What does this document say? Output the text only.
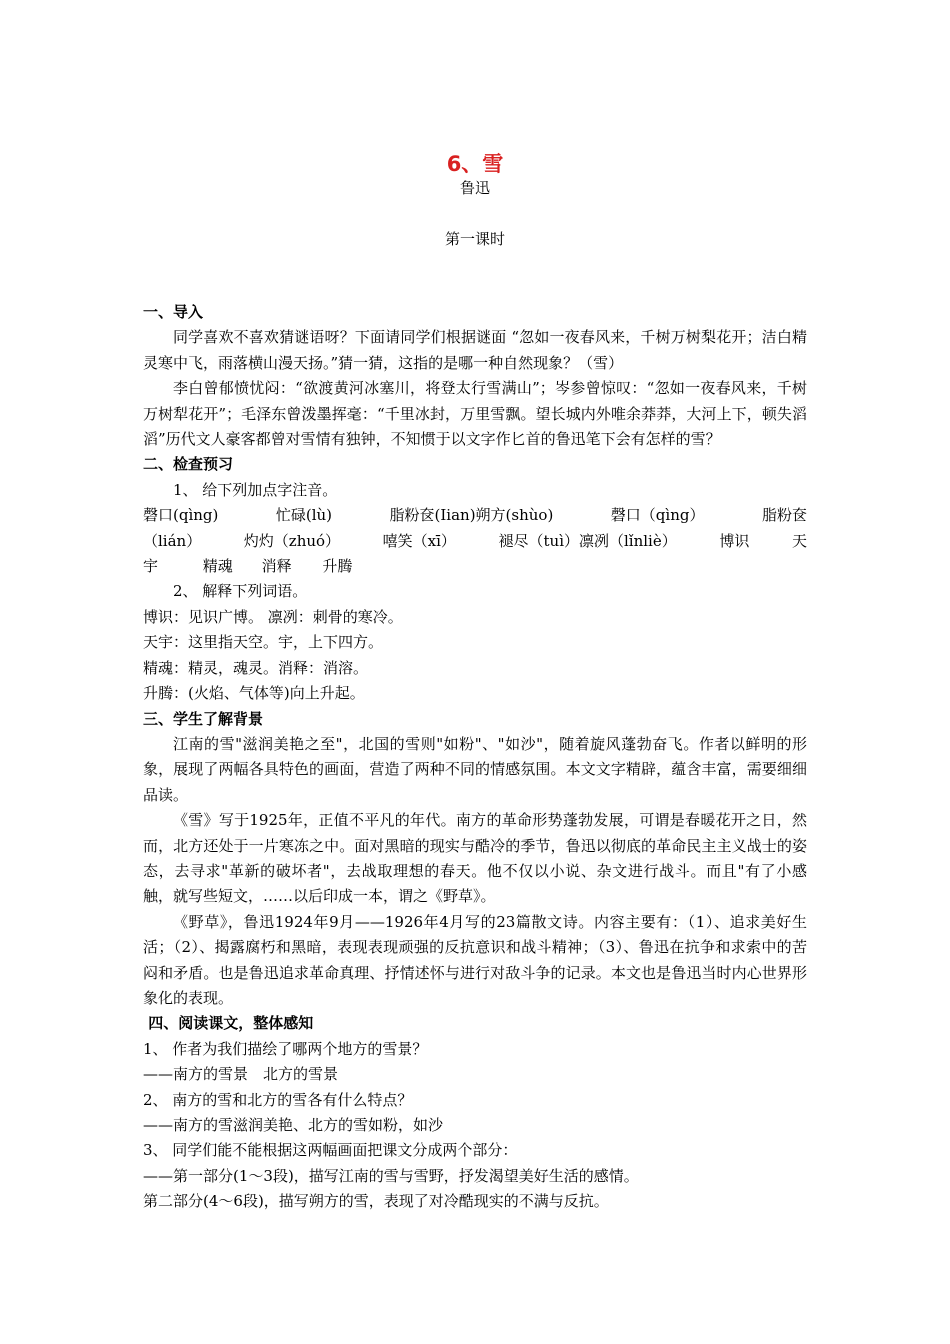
6、雪
鲁迅
第一课时

一、导入

同学喜欢不喜欢猜谜语呀？下面请同学们根据谜面 “忽如一夜春风来，千树万树梨花开；洁白精灵寒中飞，雨落横山漫天扬。”猜一猜，这指的是哪一种自然现象？（雪）

李白曾郁愤忧闷：“欲渡黄河冰塞川，将登太行雪满山”；岑参曾惊叹：“忽如一夜春风来，千树万树犁花开”；毛泽东曾泼墨挥毫：“千里冰封，万里雪飘。望长城内外唯余莽莽，大河上下，顿失滔滔”历代文人豪客都曾对雪情有独钟，不知惯于以文字作匕首的鲁迅笔下会有怎样的雪？

二、检查预习

1、 给下列加点字注音。

磬口(qìng)	忙碌(lù)	脂粉奁(Iian)朔方(shùo)	磬口（qìng）	脂粉奁

（lián）	灼灼（zhuó）	嘻笑（xī）	褪尽（tuì）凛冽（lǐnliè）	博识	天

宇	精魂 消释 升腾

2、 解释下列词语。

博识：见识广博。 凛冽：刺骨的寒冷。

天宇：这里指天空。宇，上下四方。

精魂：精灵，魂灵。消释：消溶。

升腾：(火焰、气体等)向上升起。

三、学生了解背景

江南的雪"滋润美艳之至"，北国的雪则"如粉"、"如沙"，随着旋风蓬勃奋飞。作者以鲜明的形象，展现了两幅各具特色的画面，营造了两种不同的情感氛围。本文文字精辟，蕴含丰富，需要细细品读。

《雪》写于1925年，正值不平凡的年代。南方的革命形势蓬勃发展，可谓是春暖花开之日，然而，北方还处于一片寒冻之中。面对黑暗的现实与酷冷的季节，鲁迅以彻底的革命民主主义战士的姿态，去寻求"革新的破坏者"，去战取理想的春天。他不仅以小说、杂文进行战斗。而且"有了小感触，就写些短文，……以后印成一本，谓之《野草》。

《野草》，鲁迅1924年9月——1926年4月写的23篇散文诗。内容主要有：（1）、追求美好生活；（2）、揭露腐朽和黑暗，表现表现顽强的反抗意识和战斗精神；（3）、鲁迅在抗争和求索中的苦闷和矛盾。也是鲁迅追求革命真理、抒情述怀与进行对敌斗争的记录。本文也是鲁迅当时内心世界形象化的表现。

四、阅读课文，整体感知

1、 作者为我们描绘了哪两个地方的雪景？

——南方的雪景　北方的雪景

2、 南方的雪和北方的雪各有什么特点？

——南方的雪滋润美艳、北方的雪如粉，如沙

3、 同学们能不能根据这两幅画面把课文分成两个部分：

——第一部分(1～3段)，描写江南的雪与雪野，抒发渴望美好生活的感情。

第二部分(4～6段)，描写朔方的雪，表现了对冷酷现实的不满与反抗。
